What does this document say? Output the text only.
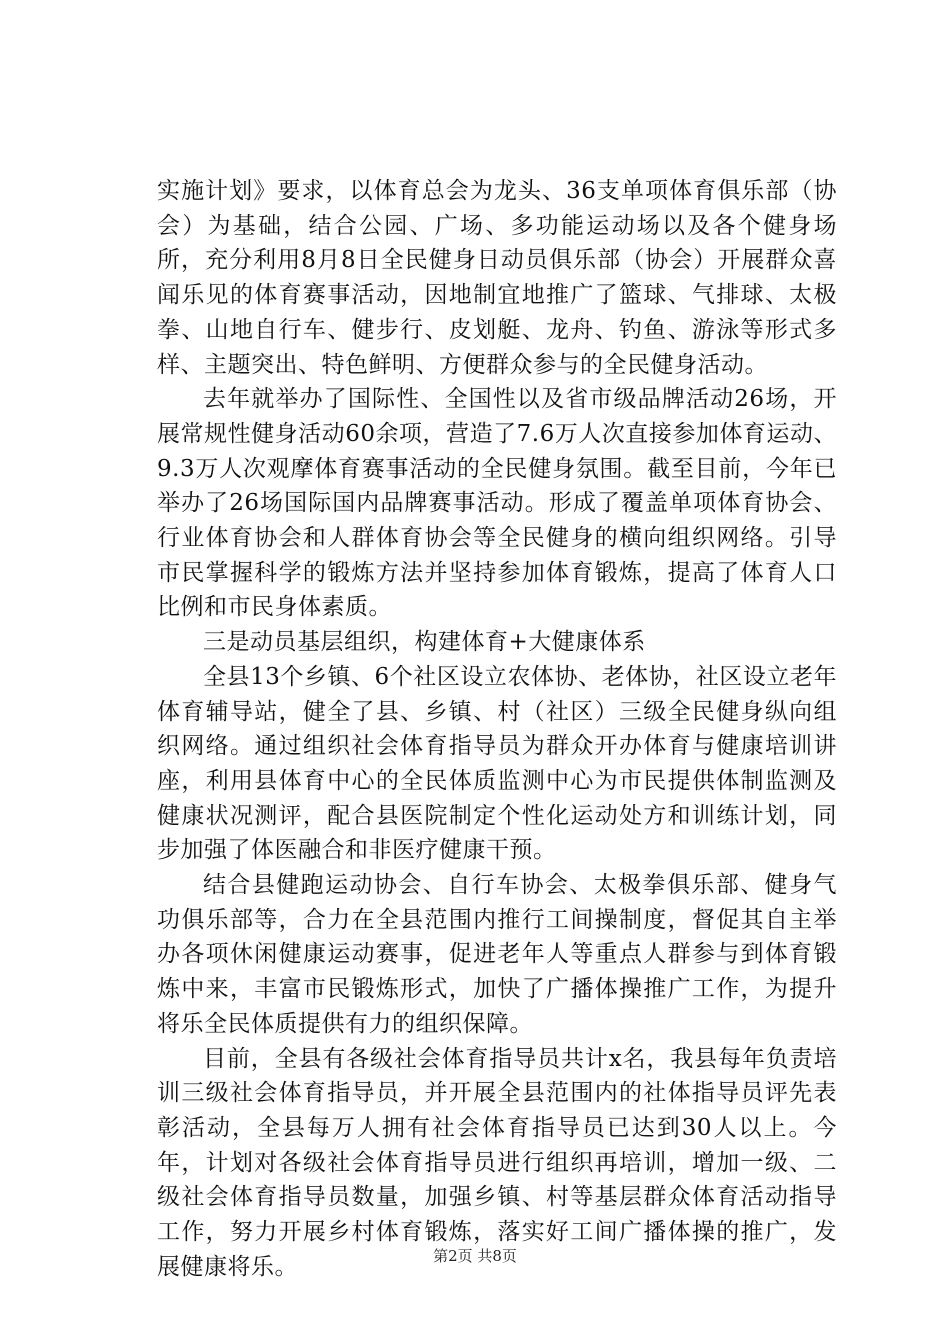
实施计划》要求，以体育总会为龙头、36支单项体育俱乐部（协会）为基础，结合公园、广场、多功能运动场以及各个健身场所，充分利用8月8日全民健身日动员俱乐部（协会）开展群众喜闻乐见的体育赛事活动，因地制宜地推广了篮球、气排球、太极拳、山地自行车、健步行、皮划艇、龙舟、钓鱼、游泳等形式多样、主题突出、特色鲜明、方便群众参与的全民健身活动。

去年就举办了国际性、全国性以及省市级品牌活动26场，开展常规性健身活动60余项，营造了7.6万人次直接参加体育运动、9.3万人次观摩体育赛事活动的全民健身氛围。截至目前，今年已举办了26场国际国内品牌赛事活动。形成了覆盖单项体育协会、行业体育协会和人群体育协会等全民健身的横向组织网络。引导市民掌握科学的锻炼方法并坚持参加体育锻炼，提高了体育人口比例和市民身体素质。

三是动员基层组织，构建体育+大健康体系

全县13个乡镇、6个社区设立农体协、老体协，社区设立老年体育辅导站，健全了县、乡镇、村（社区）三级全民健身纵向组织网络。通过组织社会体育指导员为群众开办体育与健康培训讲座，利用县体育中心的全民体质监测中心为市民提供体制监测及健康状况测评，配合县医院制定个性化运动处方和训练计划，同步加强了体医融合和非医疗健康干预。

结合县健跑运动协会、自行车协会、太极拳俱乐部、健身气功俱乐部等，合力在全县范围内推行工间操制度，督促其自主举办各项休闲健康运动赛事，促进老年人等重点人群参与到体育锻炼中来，丰富市民锻炼形式，加快了广播体操推广工作，为提升将乐全民体质提供有力的组织保障。

目前，全县有各级社会体育指导员共计x名，我县每年负责培训三级社会体育指导员，并开展全县范围内的社体指导员评先表彰活动，全县每万人拥有社会体育指导员已达到30人以上。今年，计划对各级社会体育指导员进行组织再培训，增加一级、二级社会体育指导员数量，加强乡镇、村等基层群众体育活动指导工作，努力开展乡村体育锻炼，落实好工间广播体操的推广，发展健康将乐。	第2页 共8页
